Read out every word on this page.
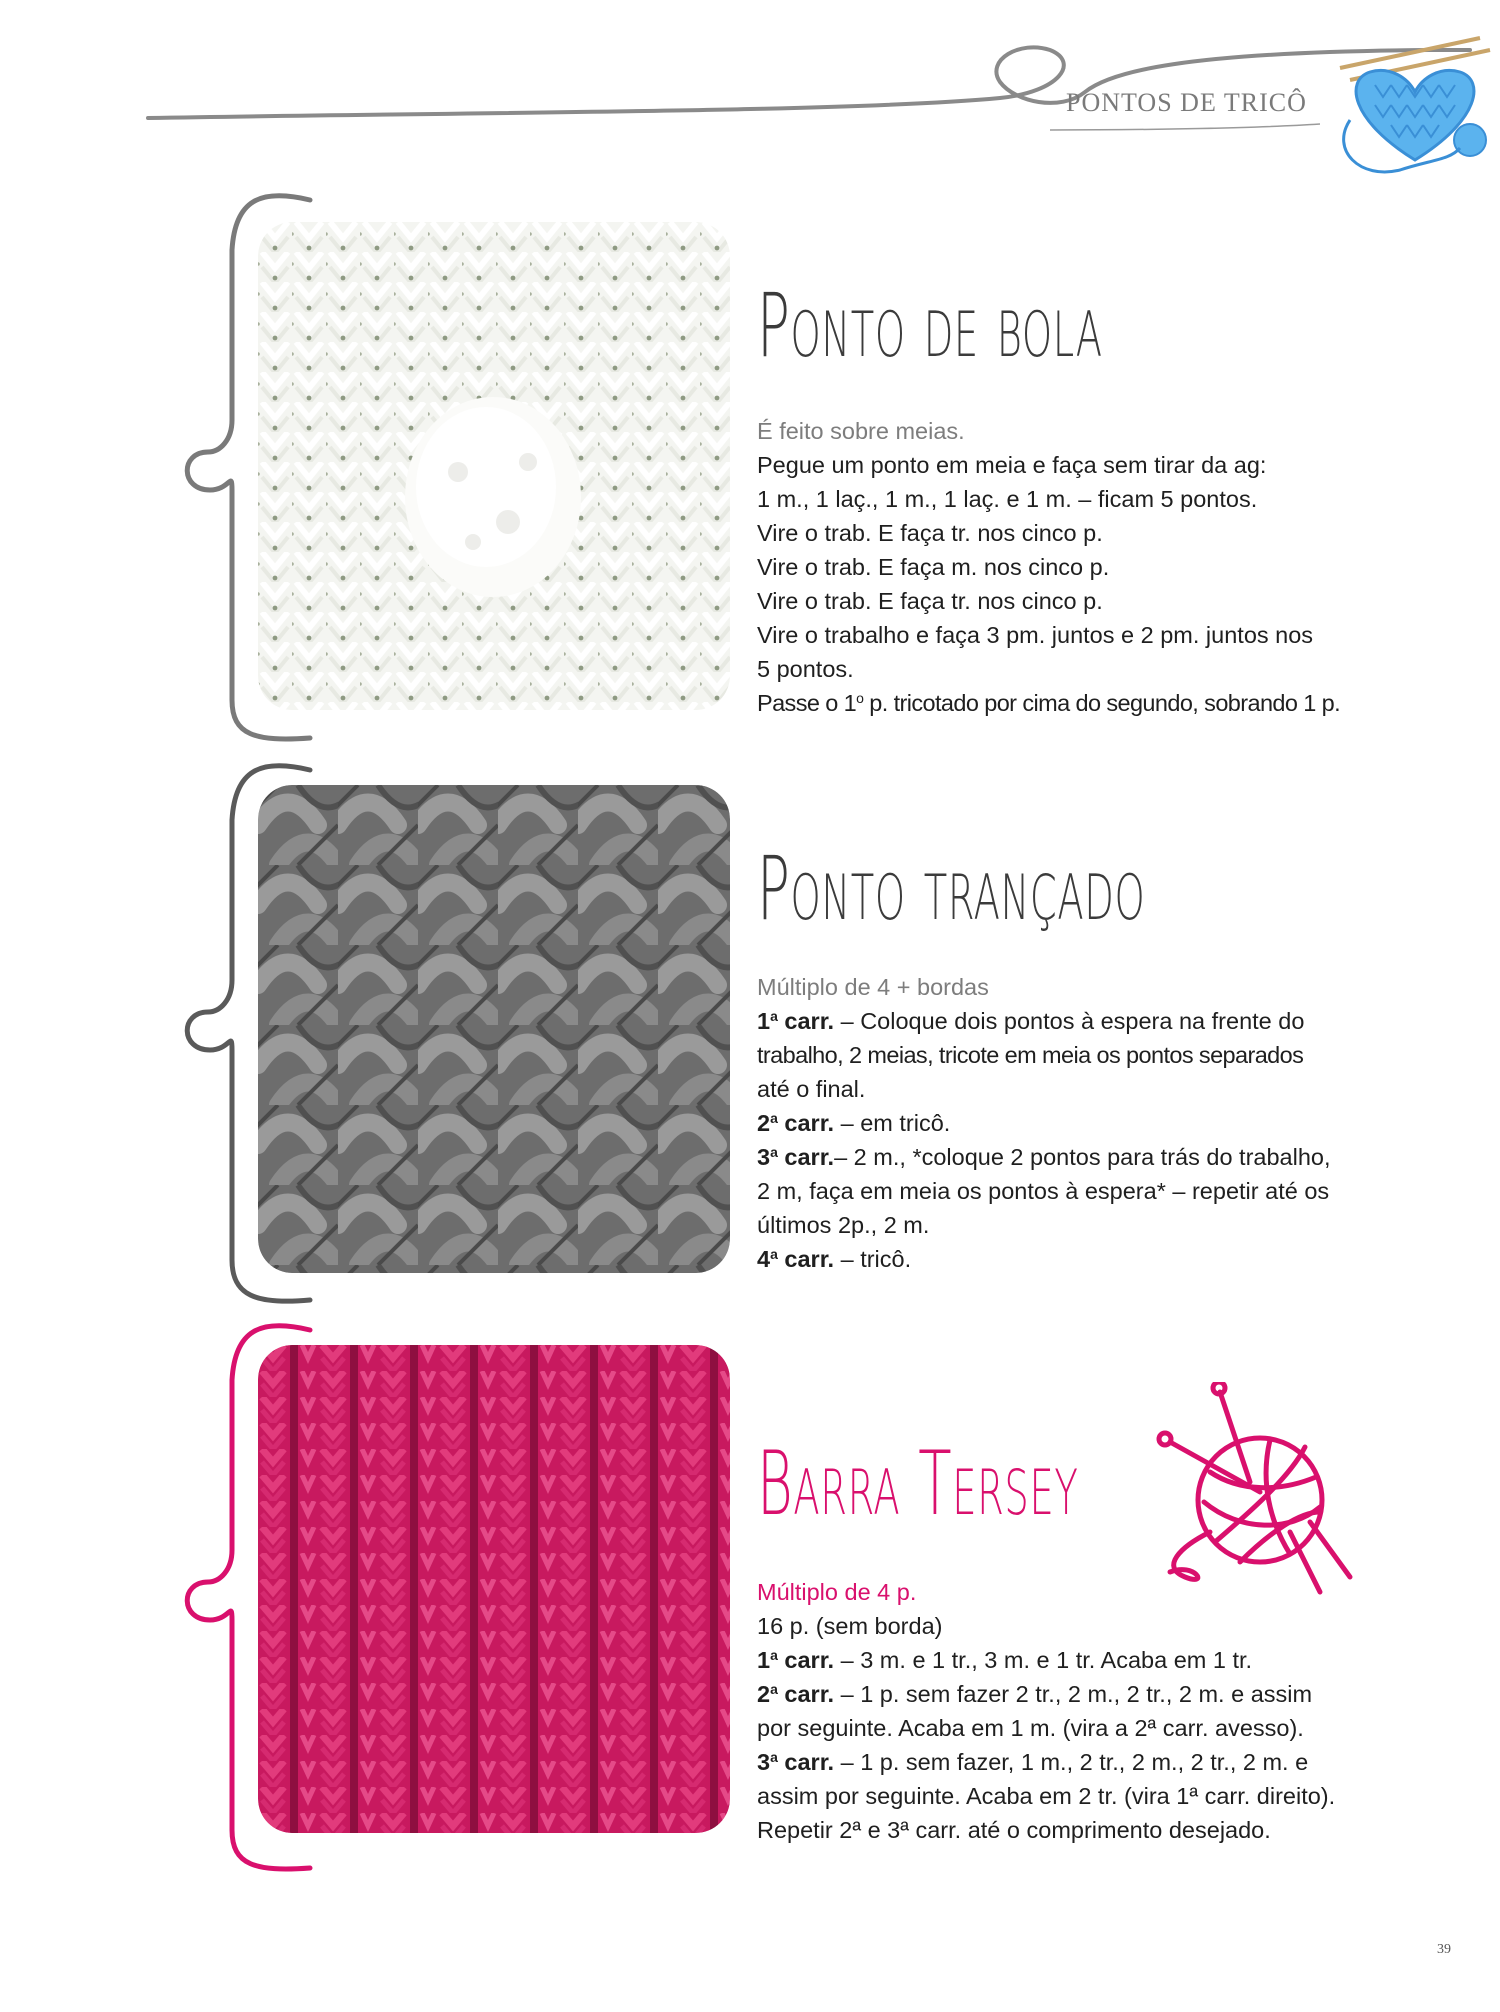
PONTOS DE TRICÔ
Ponto de bola

É feito sobre meias.

Pegue um ponto em meia e faça sem tirar da ag:

1 m., 1 laç., 1 m., 1 laç. e 1 m. – ficam 5 pontos.

Vire o trab. E faça tr. nos cinco p.

Vire o trab. E faça m. nos cinco p.

Vire o trab. E faça tr. nos cinco p.

Vire o trabalho e faça 3 pm. juntos e 2 pm. juntos nos

5 pontos.

Passe o 1$^o$ p. tricotado por cima do segundo, sobrando 1 p.

Ponto trançado

Múltiplo de 4 + bordas

1$^a$ carr. – Coloque dois pontos à espera na frente do

trabalho, 2 meias, tricote em meia os pontos separados

até o final.

2$^a$ carr. – em tricô.

3$^a$ carr.– 2 m., *coloque 2 pontos para trás do trabalho,

2 m, faça em meia os pontos à espera* – repetir até os

últimos 2p., 2 m.

4$^a$ carr. – tricô.

Barra Tersey

Múltiplo de 4 p.

16 p. (sem borda)

1$^a$ carr. – 3 m. e 1 tr., 3 m. e 1 tr. Acaba em 1 tr.

2$^a$ carr. – 1 p. sem fazer 2 tr., 2 m., 2 tr., 2 m. e assim

por seguinte. Acaba em 1 m. (vira a 2ª carr. avesso).

3$^a$ carr. – 1 p. sem fazer, 1 m., 2 tr., 2 m., 2 tr., 2 m. e

assim por seguinte. Acaba em 2 tr. (vira 1ª carr. direito).

Repetir 2ª e 3ª carr. até o comprimento desejado.

39
